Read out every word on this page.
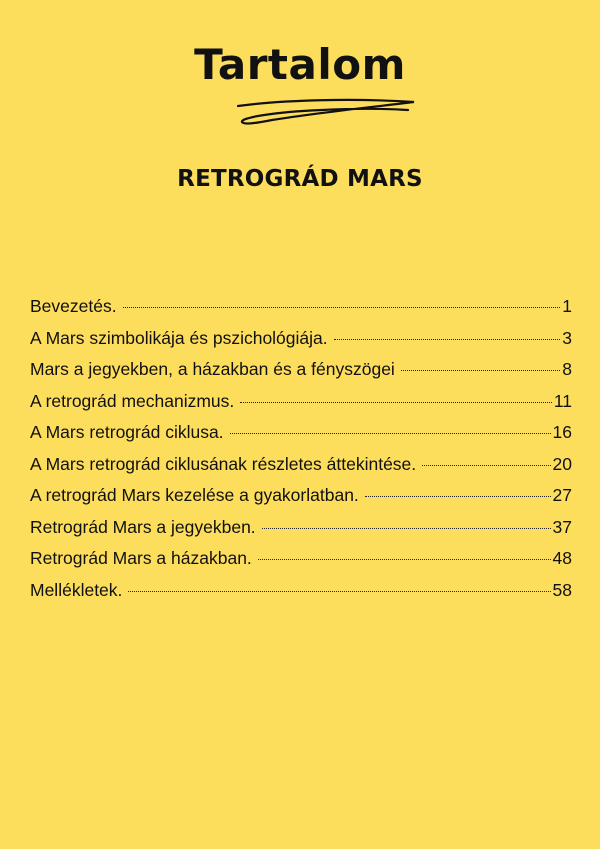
Tartalom
RETROGRÁD MARS
Bevezetés.	1
A Mars szimbolikája és pszichológiája.	3
Mars a jegyekben, a házakban és a fényszögei	8
A retrográd mechanizmus.	11
A Mars retrográd ciklusa.	16
A Mars retrográd ciklusának részletes áttekintése.	20
A retrográd Mars kezelése a gyakorlatban.	27
Retrográd Mars a jegyekben.	37
Retrográd Mars a házakban.	48
Mellékletek.	58
